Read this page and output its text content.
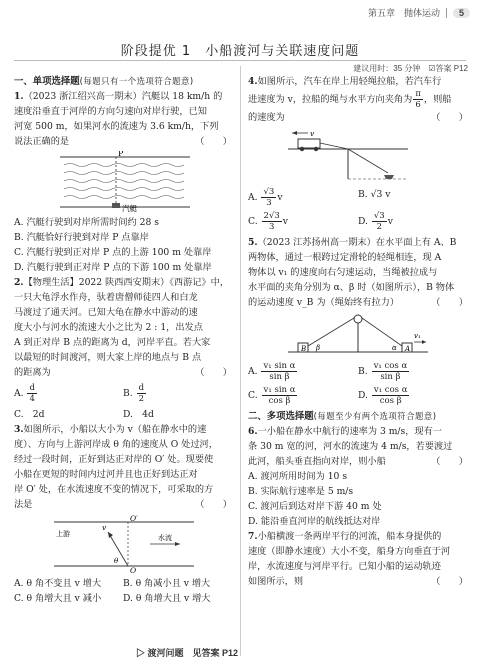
第五章　抛体运动	5
阶段提优 1　小船渡河与关联速度问题
建议用时：35 分钟　☑答案 P12

一、单项选择题(每题只有一个选项符合题意)

1.（2023 浙江绍兴高一期末）汽艇以 18 km/h 的

速度沿垂直于河岸的方向匀速向对岸行驶，已知

河宽 500 m，如果河水的流速为 3.6 km/h，下列

说法正确的是	（　　）

P
汽艇

A. 汽艇行驶到对岸所需时间约 28 s

B. 汽艇恰好行驶到对岸 P 点靠岸

C. 汽艇行驶到正对岸 P 点的上游 100 m 处靠岸

D. 汽艇行驶到正对岸 P 点的下游 100 m 处靠岸

2.【物理生活】2022 陕西西安期末）《西游记》中，

一只大龟浮水作舟，驮着唐僧师徒四人和白龙

马渡过了通天河。已知大龟在静水中游动的速

度大小与河水的流速大小之比为 2 : 1，出发点

A 到正对岸 B 点的距离为 d，河岸平直。若大家

以最短的时间渡河，则大家上岸的地点与 B 点

的距离为	（　　）

A. $\frac{d}{4}$	B. $\frac{d}{2}$
C.　2d	D.　4d

3.如图所示，小船以大小为 v（船在静水中的速

度）、方向与上游河岸成 θ 角的速度从 O 处过河，

经过一段时间，正好到达正对岸的 O′ 处。现要使

小船在更短的时间内过河并且也正好到达正对

岸 O′ 处，在水流速度不变的情况下，可采取的方

法是	（　　）

上游	水流
O
O′
v
θ
A. θ 角不变且 v 增大	B. θ 角减小且 v 增大
C. θ 角增大且 v 减小	D. θ 角增大且 v 增大

4.如图所示，汽车在岸上用轻绳拉船，若汽车行

进速度为 v，拉船的绳与水平方向夹角为 $\frac{\pi}{6}$ ，则船

的速度为	（　　）

v
A. $\frac{√3}{3}$ v	B. √3 v
C. $\frac{2√3}{3}$ v	D. $\frac{√3}{2}$ v

5.（2023 江苏扬州高一期末）在水平面上有 A、B

两物体，通过一根跨过定滑轮的轻绳相连，现 A

物体以 v₁ 的速度向右匀速运动，当绳被拉成与

水平面的夹角分别为 α、β 时（如图所示），B 物体

的运动速度 v_B 为（绳始终有拉力）	（　　）

B	A
β	α
v₁
A. $\frac{\text{v₁ sin α}}{\text{sin β}}$	B. $\frac{\text{v₁ cos α}}{\text{sin β}}$
C. $\frac{\text{v₁ sin α}}{\text{cos β}}$	D. $\frac{\text{v₁ cos α}}{\text{cos β}}$

二、多项选择题(每题至少有两个选项符合题意)

6.一小船在静水中航行的速率为 3 m/s，现有一

条 30 m 宽的河，河水的流速为 4 m/s，若要渡过

此河，船头垂直指向对岸，则小船	（　　）

A. 渡河所用时间为 10 s

B. 实际航行速率是 5 m/s

C. 渡河后到达对岸下游 40 m 处

D. 能沿垂直河岸的航线抵达对岸

7.小船横渡一条两岸平行的河流，船本身提供的

速度（即静水速度）大小不变，船身方向垂直于河

岸，水流速度与河岸平行。已知小船的运动轨迹

如图所示，则	（　　）

▷ 渡河问题　见答案 P12
